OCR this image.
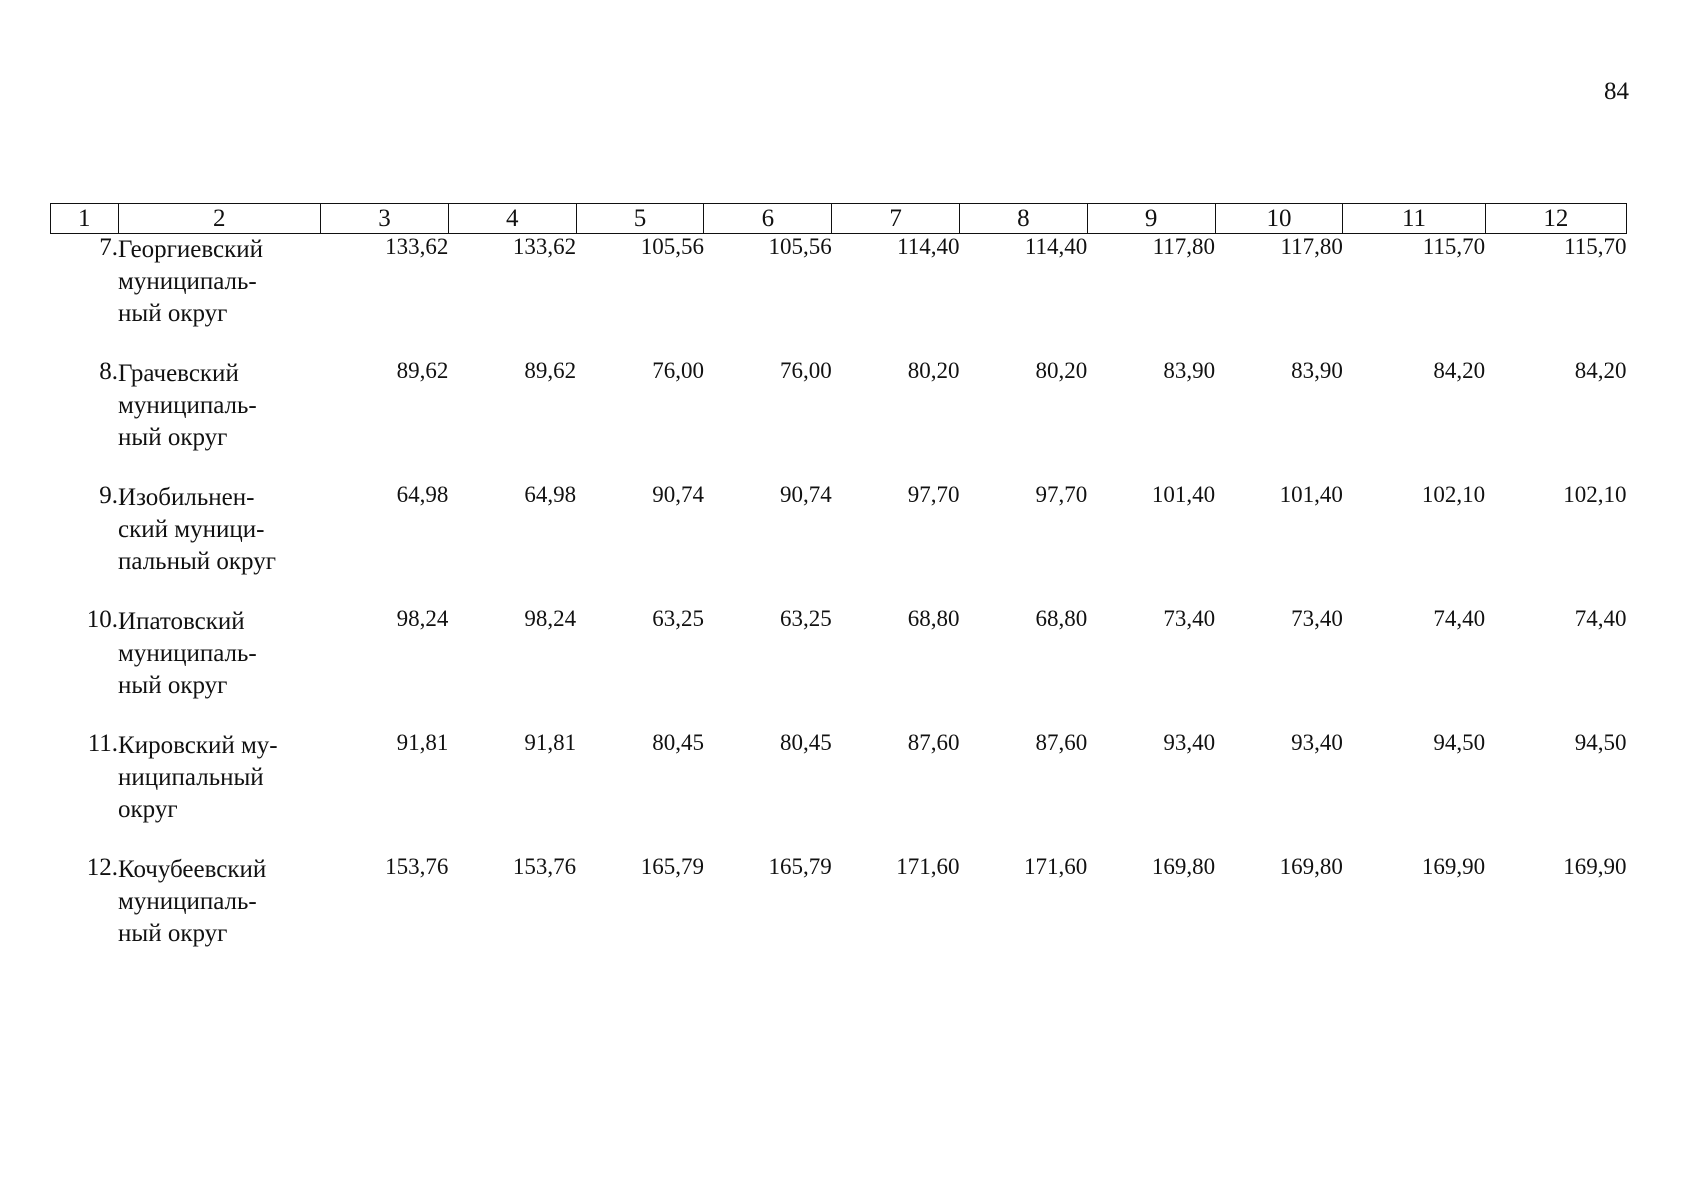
84
1	2	3	4	5	6	7	8	9	10	11	12
7.	Георгиевский
муниципаль-
ный округ	133,62	133,62	105,56	105,56	114,40	114,40	117,80	117,80	115,70	115,70
8.	Грачевский
муниципаль-
ный округ	89,62	89,62	76,00	76,00	80,20	80,20	83,90	83,90	84,20	84,20
9.	Изобильнен-
ский муници-
пальный округ	64,98	64,98	90,74	90,74	97,70	97,70	101,40	101,40	102,10	102,10
10.	Ипатовский
муниципаль-
ный округ	98,24	98,24	63,25	63,25	68,80	68,80	73,40	73,40	74,40	74,40
11.	Кировский му-
ниципальный
округ	91,81	91,81	80,45	80,45	87,60	87,60	93,40	93,40	94,50	94,50
12.	Кочубеевский
муниципаль-
ный округ	153,76	153,76	165,79	165,79	171,60	171,60	169,80	169,80	169,90	169,90
